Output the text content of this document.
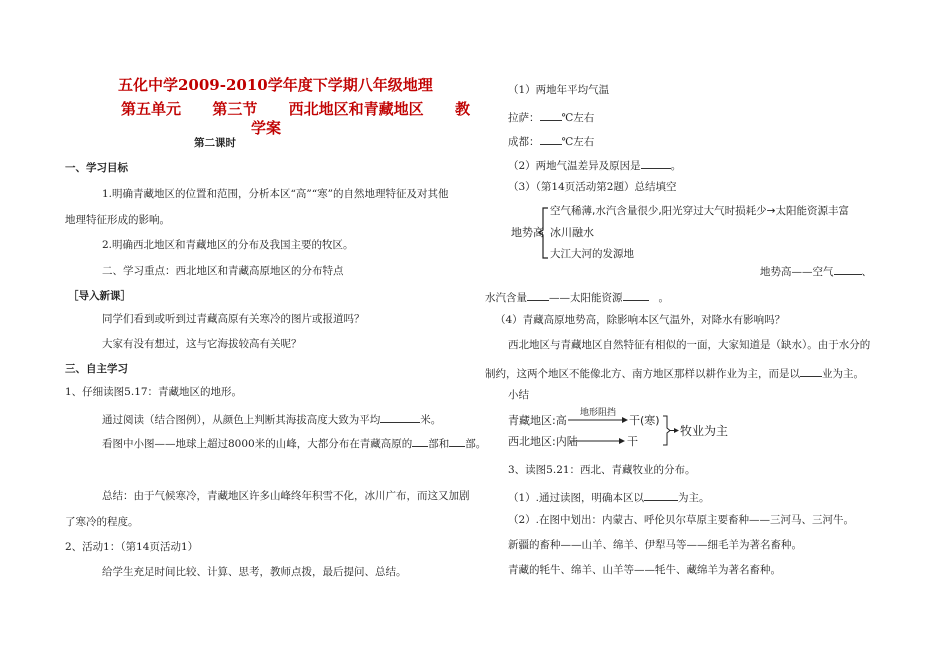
五化中学2009-2010学年度下学期八年级地理
第五单元      第三节      西北地区和青藏地区      教
学案
第二课时
一、学习目标
1.明确青藏地区的位置和范围，分析本区“高”“寒”的自然地理特征及对其他
地理特征形成的影响。
2.明确西北地区和青藏地区的分布及我国主要的牧区。
二、学习重点：西北地区和青藏高原地区的分布特点
［导入新课］
同学们看到或听到过青藏高原有关寒冷的图片或报道吗？
大家有没有想过，这与它海拔较高有关呢？
三、自主学习
1、仔细读图5.17：青藏地区的地形。
通过阅读（结合图例），从颜色上判断其海拔高度大致为平均	米。
看图中小图——地球上超过8000米的山峰，大都分布在青藏高原的 部和 部。
总结：由于气候寒冷，青藏地区许多山峰终年积雪不化，冰川广布，而这又加剧
了寒冷的程度。
2、活动1：（第14页活动1）
给学生充足时间比较、计算、思考，教师点拨，最后提问、总结。
（1）两地年平均气温
拉萨： ℃左右
成都： ℃左右
（2）两地气温差异及原因是	。
（3）（第14页活动第2题）总结填空
地势高
空气稀薄,水汽含量很少,阳光穿过大气时损耗少→太阳能资源丰富
冰川融水
大江大河的发源地
地势高——空气	、
水汽含量 ——太阳能资源	。
（4）青藏高原地势高，除影响本区气温外，对降水有影响吗？
西北地区与青藏地区自然特征有相似的一面，大家知道是（缺水）。由于水分的
制约，这两个地区不能像北方、南方地区那样以耕作业为主，而是以 业为主。
小结
青藏地区:高
地形阻挡
干(寒)
西北地区:内陆	干
牧业为主
3、读图5.21：西北、青藏牧业的分布。
（1）.通过读图，明确本区以	为主。
（2）.在图中划出：内蒙古、呼伦贝尔草原主要畜种——三河马、三河牛。
新疆的畜种——山羊、绵羊、伊犁马等——细毛羊为著名畜种。
青藏的牦牛、绵羊、山羊等——牦牛、藏绵羊为著名畜种。
